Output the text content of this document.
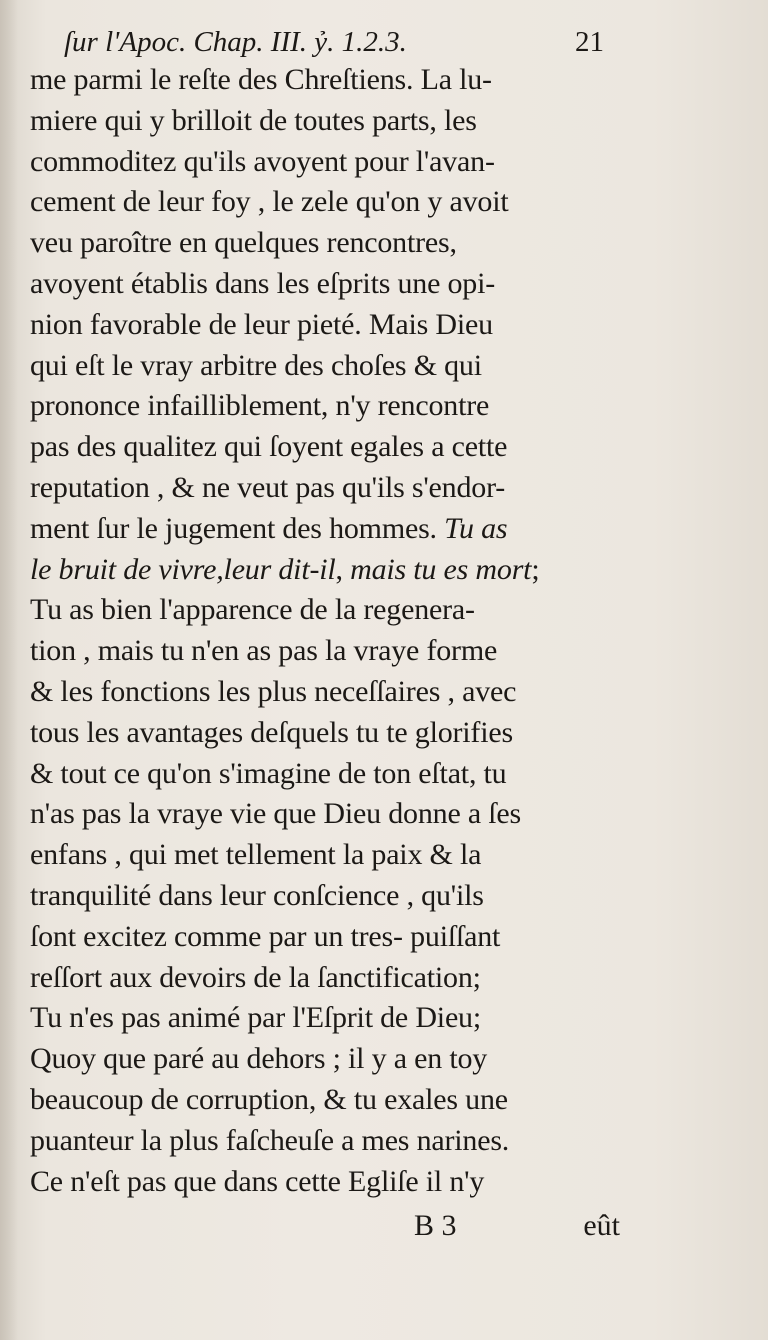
ſur l'Apoc. Chap. III. ỷ. 1.2.3.	21
me parmi le reſte des Chreſtiens. La lu-
miere qui y brilloit de toutes parts, les
commoditez qu'ils avoyent pour l'avan-
cement de leur foy , le zele qu'on y avoit
veu paroître en quelques rencontres,
avoyent établis dans les eſprits une opi-
nion favorable de leur pieté. Mais Dieu
qui eſt le vray arbitre des choſes & qui
prononce infailliblement, n'y rencontre
pas des qualitez qui ſoyent egales a cette
reputation , & ne veut pas qu'ils s'endor-
ment ſur le jugement des hommes. Tu as
le bruit de vivre,leur dit-il, mais tu es mort;
Tu as bien l'apparence de la regenera-
tion , mais tu n'en as pas la vraye forme
& les fonctions les plus neceſſaires , avec
tous les avantages deſquels tu te glorifies
& tout ce qu'on s'imagine de ton eſtat, tu
n'as pas la vraye vie que Dieu donne a ſes
enfans , qui met tellement la paix & la
tranquilité dans leur conſcience , qu'ils
ſont excitez comme par un tres- puiſſant
reſſort aux devoirs de la ſanctification;
Tu n'es pas animé par l'Eſprit de Dieu;
Quoy que paré au dehors ; il y a en toy
beaucoup de corruption, & tu exales une
puanteur la plus faſcheuſe a mes narines.
Ce n'eſt pas que dans cette Egliſe il n'y
B 3	eût
